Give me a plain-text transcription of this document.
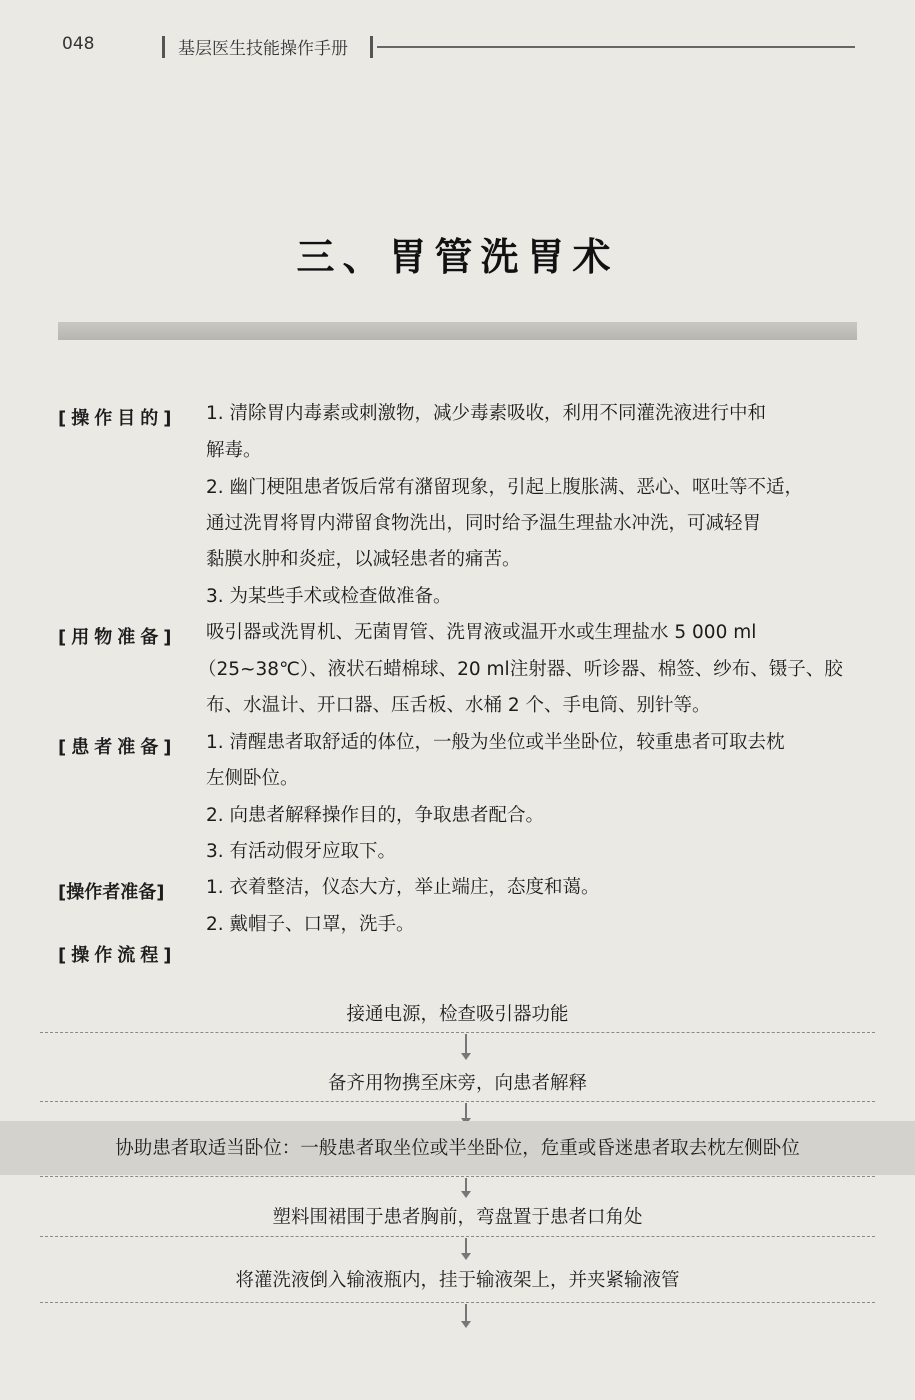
048	基层医生技能操作手册
三、胃管洗胃术
[操作目的] 1. 清除胃内毒素或刺激物，减少毒素吸收，利用不同灌洗液进行中和
解毒。
2. 幽门梗阻患者饭后常有潴留现象，引起上腹胀满、恶心、呕吐等不适，
通过洗胃将胃内滞留食物洗出，同时给予温生理盐水冲洗，可减轻胃
黏膜水肿和炎症，以减轻患者的痛苦。
3. 为某些手术或检查做准备。
[用物准备] 吸引器或洗胃机、无菌胃管、洗胃液或温开水或生理盐水 5 000 ml
（25~38℃）、液状石蜡棉球、20 ml注射器、听诊器、棉签、纱布、镊子、胶
布、水温计、开口器、压舌板、水桶 2 个、手电筒、别针等。
[患者准备] 1. 清醒患者取舒适的体位，一般为坐位或半坐卧位，较重患者可取去枕
左侧卧位。
2. 向患者解释操作目的，争取患者配合。
3. 有活动假牙应取下。
[操作者准备] 1. 衣着整洁，仪态大方，举止端庄，态度和蔼。
2. 戴帽子、口罩，洗手。
[操作流程]
接通电源，检查吸引器功能
备齐用物携至床旁，向患者解释
协助患者取适当卧位：一般患者取坐位或半坐卧位，危重或昏迷患者取去枕左侧卧位
塑料围裙围于患者胸前，弯盘置于患者口角处
将灌洗液倒入输液瓶内，挂于输液架上，并夹紧输液管
